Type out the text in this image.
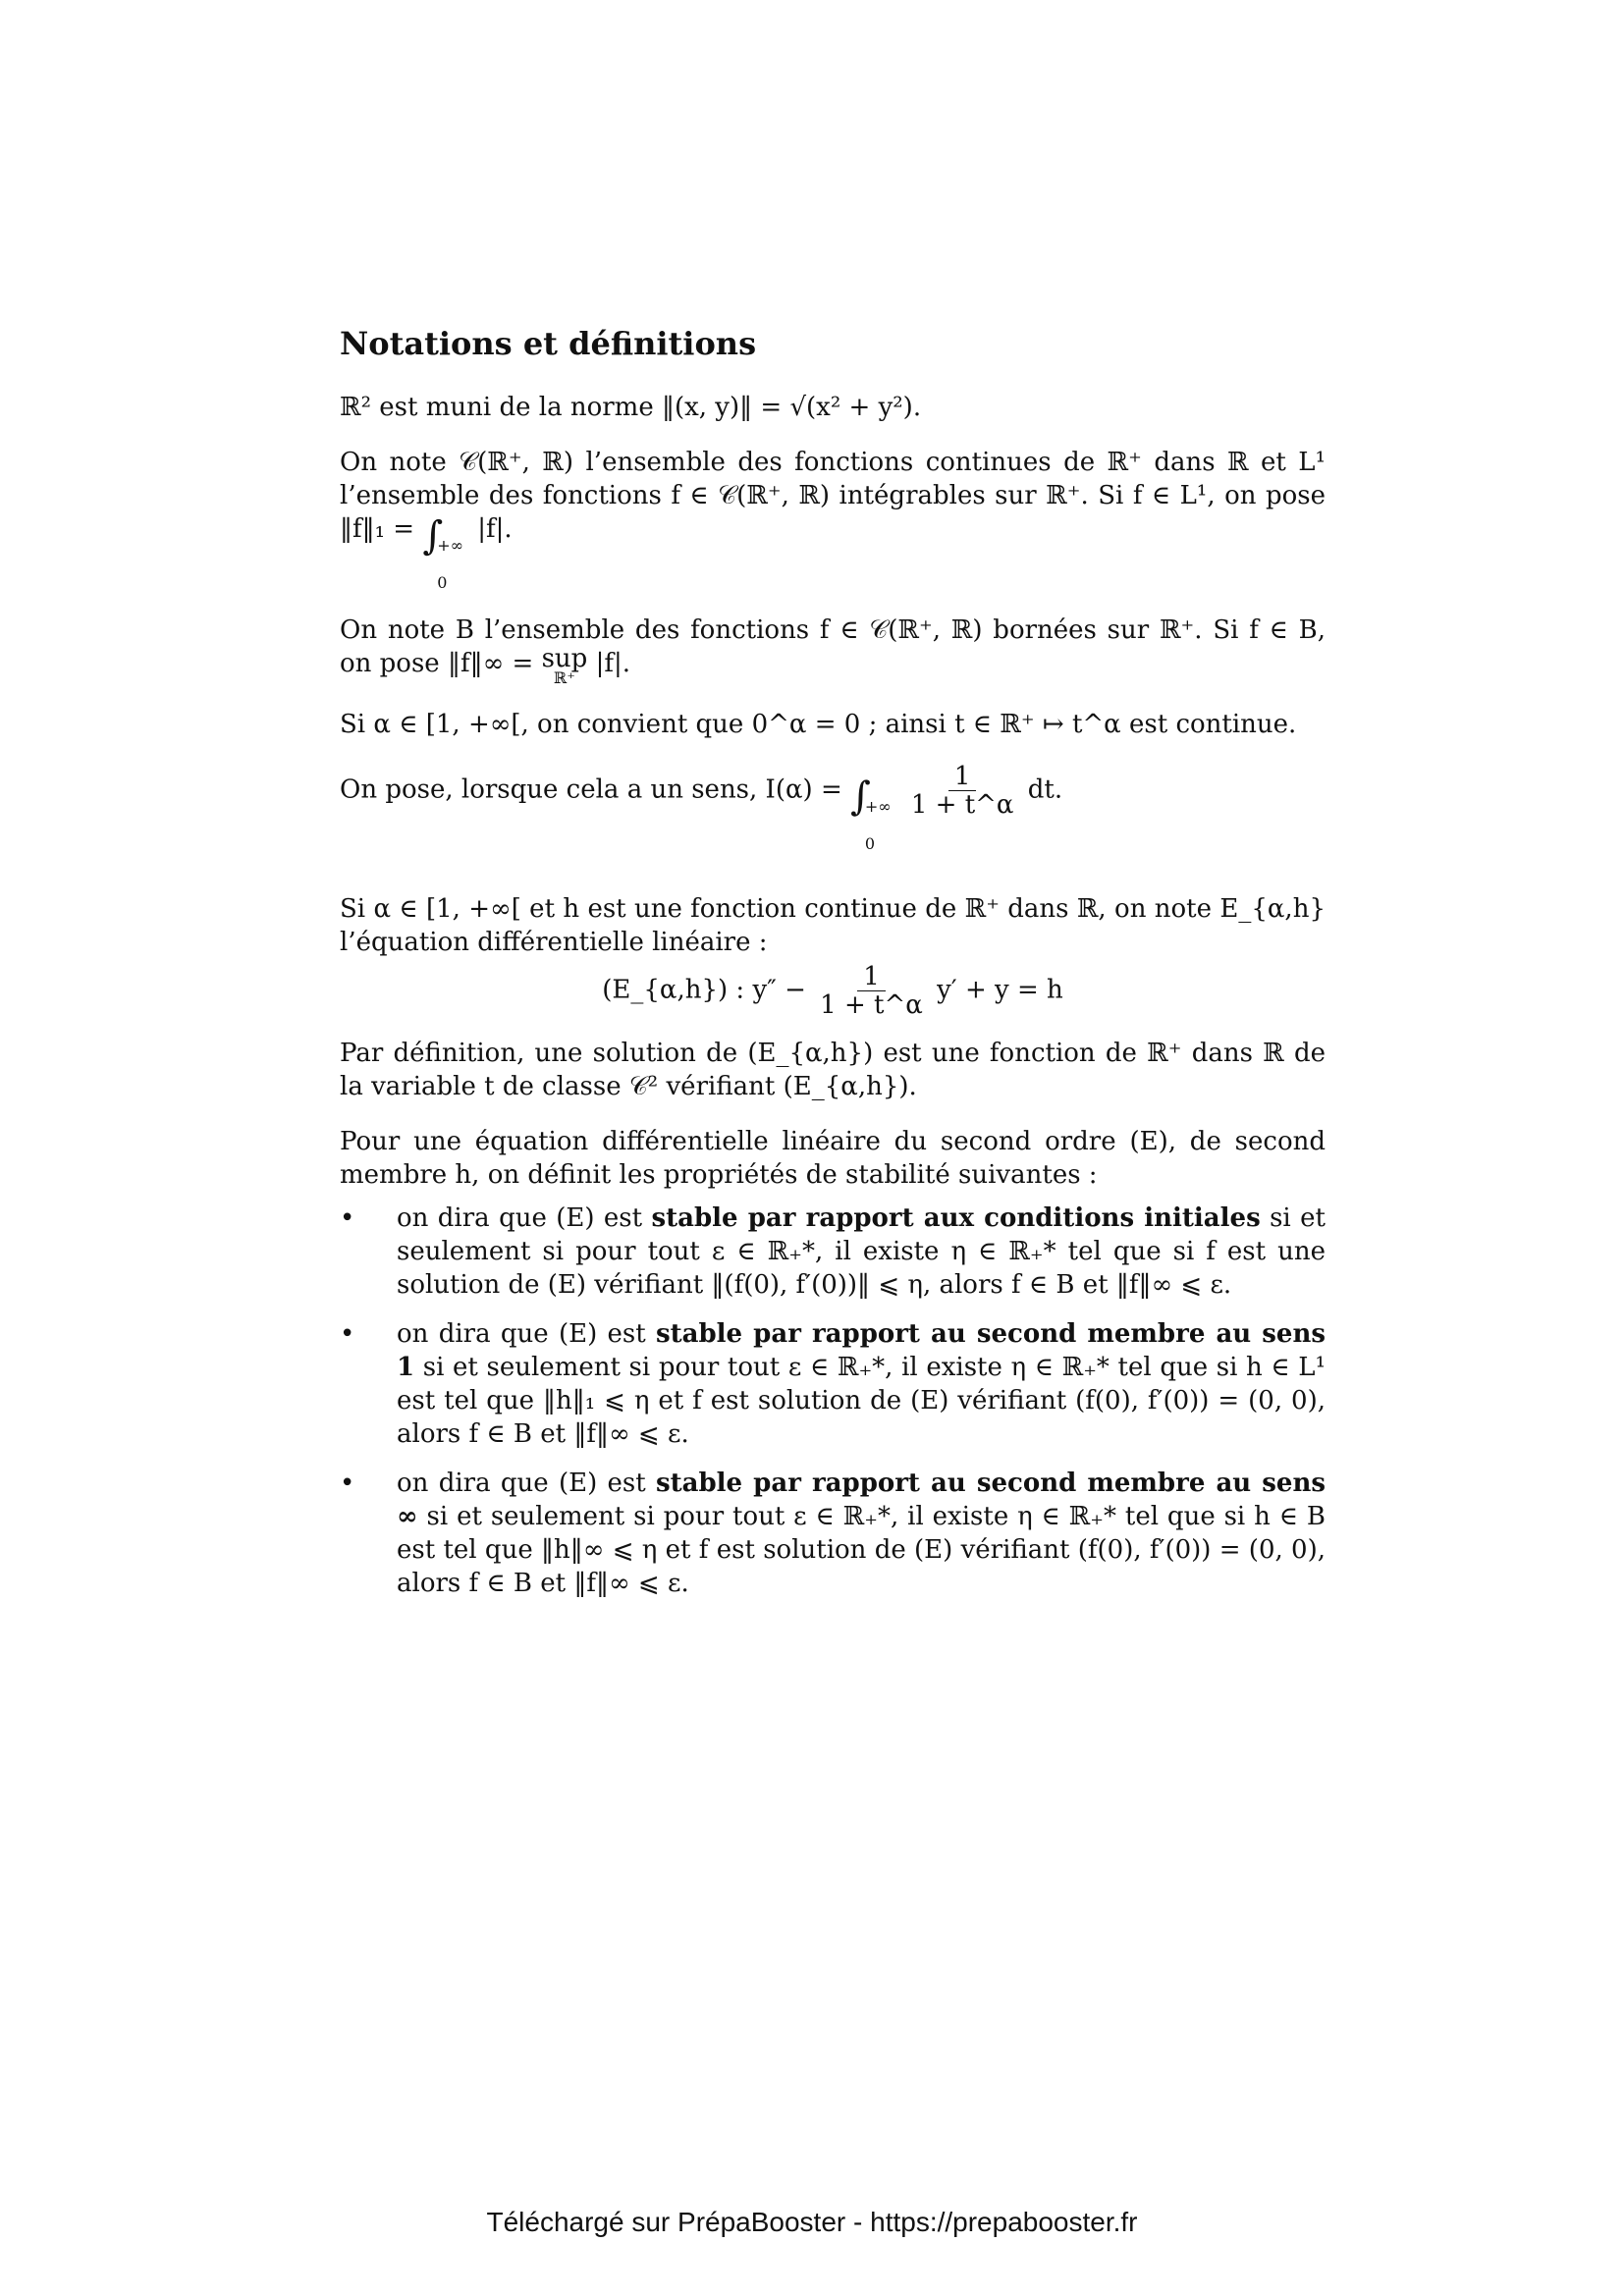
Notations et définitions

ℝ² est muni de la norme ‖(x, y)‖ = √(x² + y²).

On note 𝒞(ℝ⁺, ℝ) l’ensemble des fonctions continues de ℝ⁺ dans ℝ et L¹ l’ensemble des fonctions f ∈ 𝒞(ℝ⁺, ℝ) intégrables sur ℝ⁺. Si f ∈ L¹, on pose ‖f‖₁ = ∫
+∞
0
|f|.

On note B l’ensemble des fonctions f ∈ 𝒞(ℝ⁺, ℝ) bornées sur ℝ⁺. Si f ∈ B, on pose ‖f‖∞ = sup
ℝ⁺ |f|.

Si α ∈ [1, +∞[, on convient que 0^α = 0 ; ainsi t ∈ ℝ⁺ ↦ t^α est continue.

On pose, lorsque cela a un sens, I(α) = ∫
+∞
0

$\frac{1}{1 + t\^{}\alpha}$ dt.

Si α ∈ [1, +∞[ et h est une fonction continue de ℝ⁺ dans ℝ, on note E_{α,h} l’équation différentielle linéaire :

(E_{α,h}) : $y'' - \frac{1}{1 + t\^{}\alpha} y' + y = h$

Par définition, une solution de (E_{α,h}) est une fonction de ℝ⁺ dans ℝ de la variable t de classe 𝒞² vérifiant (E_{α,h}).

Pour une équation différentielle linéaire du second ordre (E), de second membre h, on définit les propriétés de stabilité suivantes :

• on dira que (E) est stable par rapport aux conditions initiales si et seulement si pour tout ε ∈ ℝ₊*, il existe η ∈ ℝ₊* tel que si f est une solution de (E) vérifiant ‖(f(0), f′(0))‖ ⩽ η, alors f ∈ B et ‖f‖∞ ⩽ ε.
• on dira que (E) est stable par rapport au second membre au sens 1 si et seulement si pour tout ε ∈ ℝ₊*, il existe η ∈ ℝ₊* tel que si h ∈ L¹ est tel que ‖h‖₁ ⩽ η et f est solution de (E) vérifiant (f(0), f′(0)) = (0, 0), alors f ∈ B et ‖f‖∞ ⩽ ε.
• on dira que (E) est stable par rapport au second membre au sens ∞ si et seulement si pour tout ε ∈ ℝ₊*, il existe η ∈ ℝ₊* tel que si h ∈ B est tel que ‖h‖∞ ⩽ η et f est solution de (E) vérifiant (f(0), f′(0)) = (0, 0), alors f ∈ B et ‖f‖∞ ⩽ ε.
Téléchargé sur PrépaBooster - https://prepabooster.fr
